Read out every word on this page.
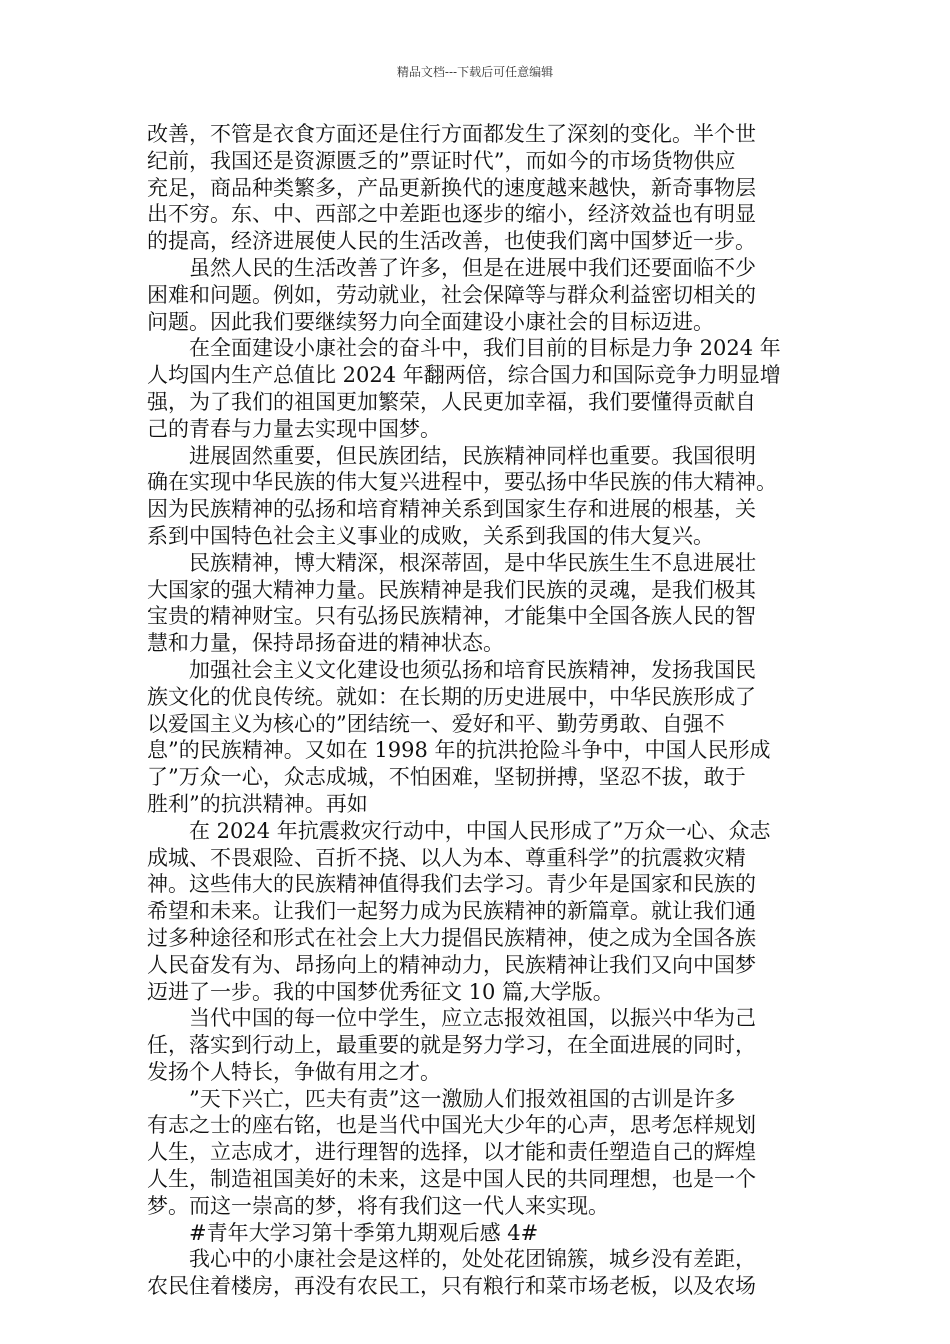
精品文档---下载后可任意编辑
改善，不管是衣食方面还是住行方面都发生了深刻的变化。半个世
纪前，我国还是资源匮乏的”票证时代”，而如今的市场货物供应
充足，商品种类繁多，产品更新换代的速度越来越快，新奇事物层
出不穷。东、中、西部之中差距也逐步的缩小，经济效益也有明显
的提高，经济进展使人民的生活改善，也使我们离中国梦近一步。
虽然人民的生活改善了许多，但是在进展中我们还要面临不少
困难和问题。例如，劳动就业，社会保障等与群众利益密切相关的
问题。因此我们要继续努力向全面建设小康社会的目标迈进。
在全面建设小康社会的奋斗中，我们目前的目标是力争 2024 年
人均国内生产总值比 2024 年翻两倍，综合国力和国际竞争力明显增
强，为了我们的祖国更加繁荣，人民更加幸福，我们要懂得贡献自
己的青春与力量去实现中国梦。
进展固然重要，但民族团结，民族精神同样也重要。我国很明
确在实现中华民族的伟大复兴进程中，要弘扬中华民族的伟大精神。
因为民族精神的弘扬和培育精神关系到国家生存和进展的根基，关
系到中国特色社会主义事业的成败，关系到我国的伟大复兴。
民族精神，博大精深，根深蒂固，是中华民族生生不息进展壮
大国家的强大精神力量。民族精神是我们民族的灵魂，是我们极其
宝贵的精神财宝。只有弘扬民族精神，才能集中全国各族人民的智
慧和力量，保持昂扬奋进的精神状态。
加强社会主义文化建设也须弘扬和培育民族精神，发扬我国民
族文化的优良传统。就如：在长期的历史进展中，中华民族形成了
以爱国主义为核心的”团结统一、爱好和平、勤劳勇敢、自强不
息”的民族精神。又如在 1998 年的抗洪抢险斗争中，中国人民形成
了”万众一心，众志成城，不怕困难，坚韧拼搏，坚忍不拔，敢于
胜利”的抗洪精神。再如
在 2024 年抗震救灾行动中，中国人民形成了”万众一心、众志
成城、不畏艰险、百折不挠、以人为本、尊重科学”的抗震救灾精
神。这些伟大的民族精神值得我们去学习。青少年是国家和民族的
希望和未来。让我们一起努力成为民族精神的新篇章。就让我们通
过多种途径和形式在社会上大力提倡民族精神，使之成为全国各族
人民奋发有为、昂扬向上的精神动力，民族精神让我们又向中国梦
迈进了一步。我的中国梦优秀征文 10 篇,大学版。
当代中国的每一位中学生，应立志报效祖国，以振兴中华为己
任，落实到行动上，最重要的就是努力学习，在全面进展的同时，
发扬个人特长，争做有用之才。
”天下兴亡，匹夫有责”这一激励人们报效祖国的古训是许多
有志之士的座右铭，也是当代中国光大少年的心声，思考怎样规划
人生，立志成才，进行理智的选择，以才能和责任塑造自己的辉煌
人生，制造祖国美好的未来，这是中国人民的共同理想，也是一个
梦。而这一崇高的梦，将有我们这一代人来实现。
#青年大学习第十季第九期观后感 4#
我心中的小康社会是这样的，处处花团锦簇，城乡没有差距，
农民住着楼房，再没有农民工，只有粮行和菜市场老板，以及农场
